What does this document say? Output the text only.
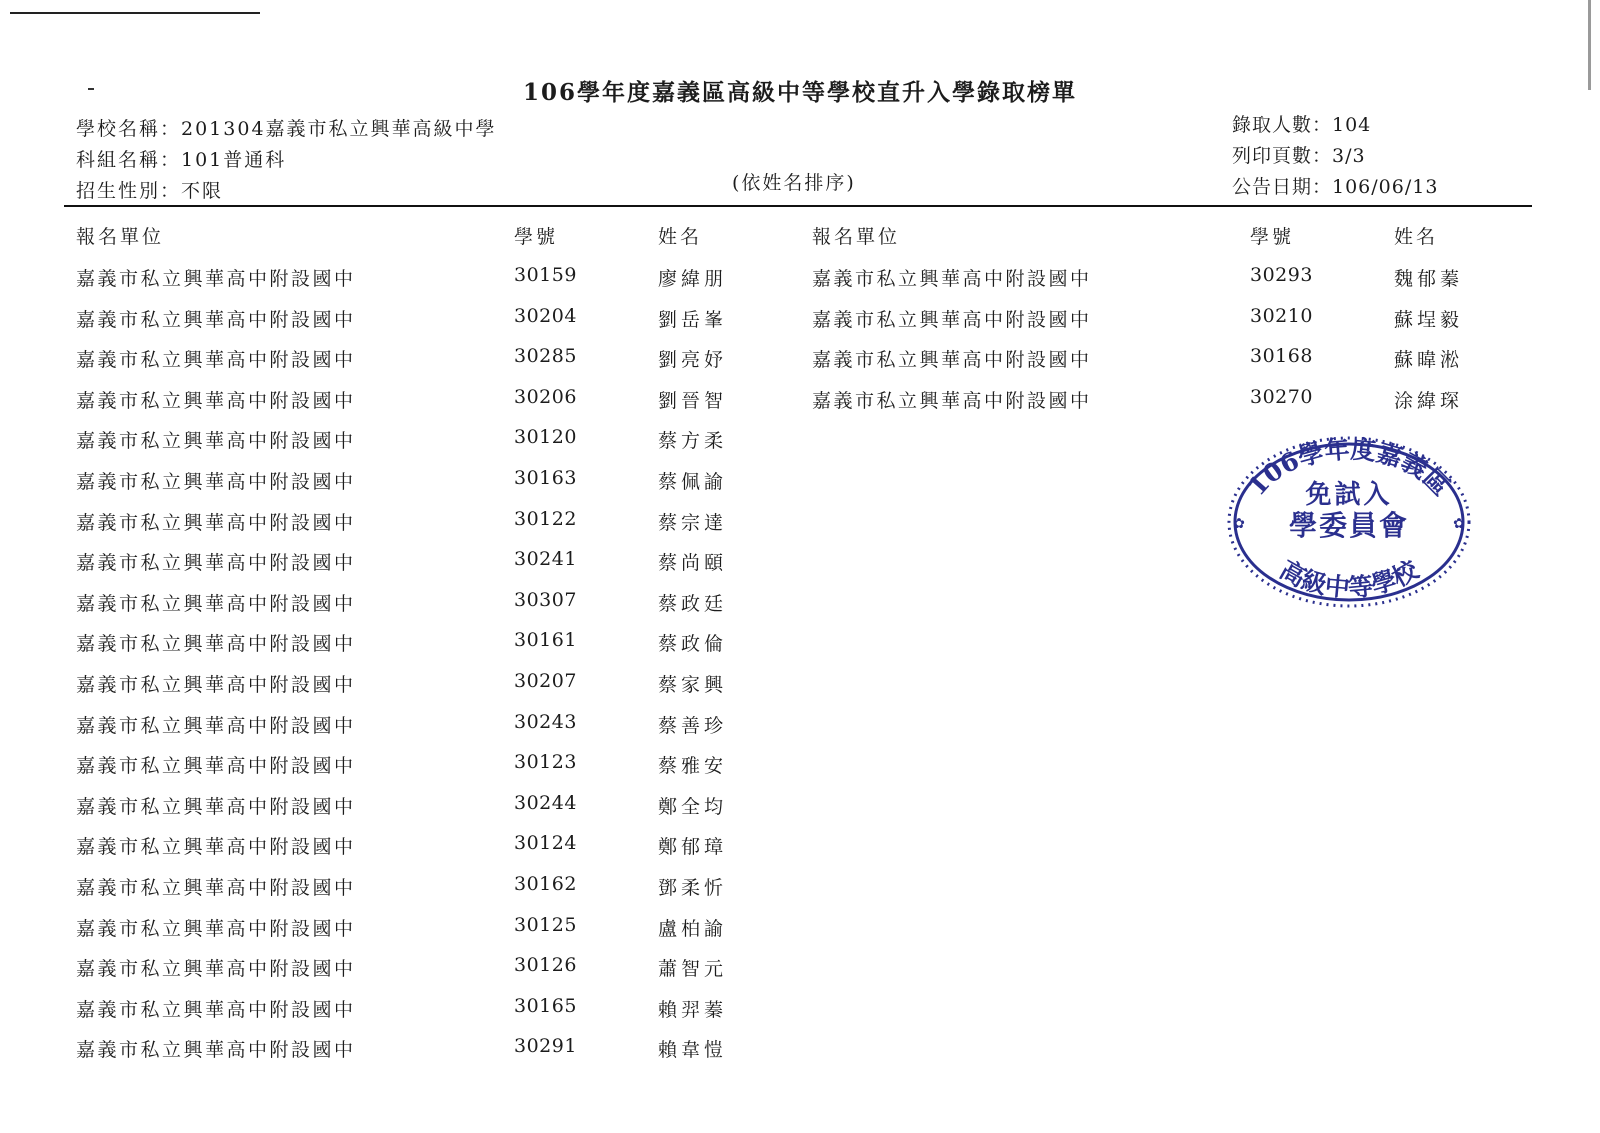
106學年度嘉義區高級中等學校直升入學錄取榜單
學校名稱：201304嘉義市私立興華高級中學
科組名稱：101普通科
招生性別：不限	(依姓名排序)
錄取人數：104
列印頁數：3/3
公告日期：106/06/13
報名單位	學號	姓名
嘉義市私立興華高中附設國中	30159	廖緯朋
嘉義市私立興華高中附設國中	30204	劉岳峯
嘉義市私立興華高中附設國中	30285	劉亮妤
嘉義市私立興華高中附設國中	30206	劉晉智
嘉義市私立興華高中附設國中	30120	蔡方柔
嘉義市私立興華高中附設國中	30163	蔡佩諭
嘉義市私立興華高中附設國中	30122	蔡宗達
嘉義市私立興華高中附設國中	30241	蔡尚頤
嘉義市私立興華高中附設國中	30307	蔡政廷
嘉義市私立興華高中附設國中	30161	蔡政倫
嘉義市私立興華高中附設國中	30207	蔡家興
嘉義市私立興華高中附設國中	30243	蔡善珍
嘉義市私立興華高中附設國中	30123	蔡雅安
嘉義市私立興華高中附設國中	30244	鄭全均
嘉義市私立興華高中附設國中	30124	鄭郁璋
嘉義市私立興華高中附設國中	30162	鄧柔忻
嘉義市私立興華高中附設國中	30125	盧柏諭
嘉義市私立興華高中附設國中	30126	蕭智元
嘉義市私立興華高中附設國中	30165	賴羿蓁
嘉義市私立興華高中附設國中	30291	賴韋愷
報名單位	學號	姓名
嘉義市私立興華高中附設國中	30293	魏郁蓁
嘉義市私立興華高中附設國中	30210	蘇埕毅
嘉義市私立興華高中附設國中	30168	蘇暐淞
嘉義市私立興華高中附設國中	30270	涂緯琛
106學年度嘉義區
高級中等學校
免試入
學委員會
✿	✿
